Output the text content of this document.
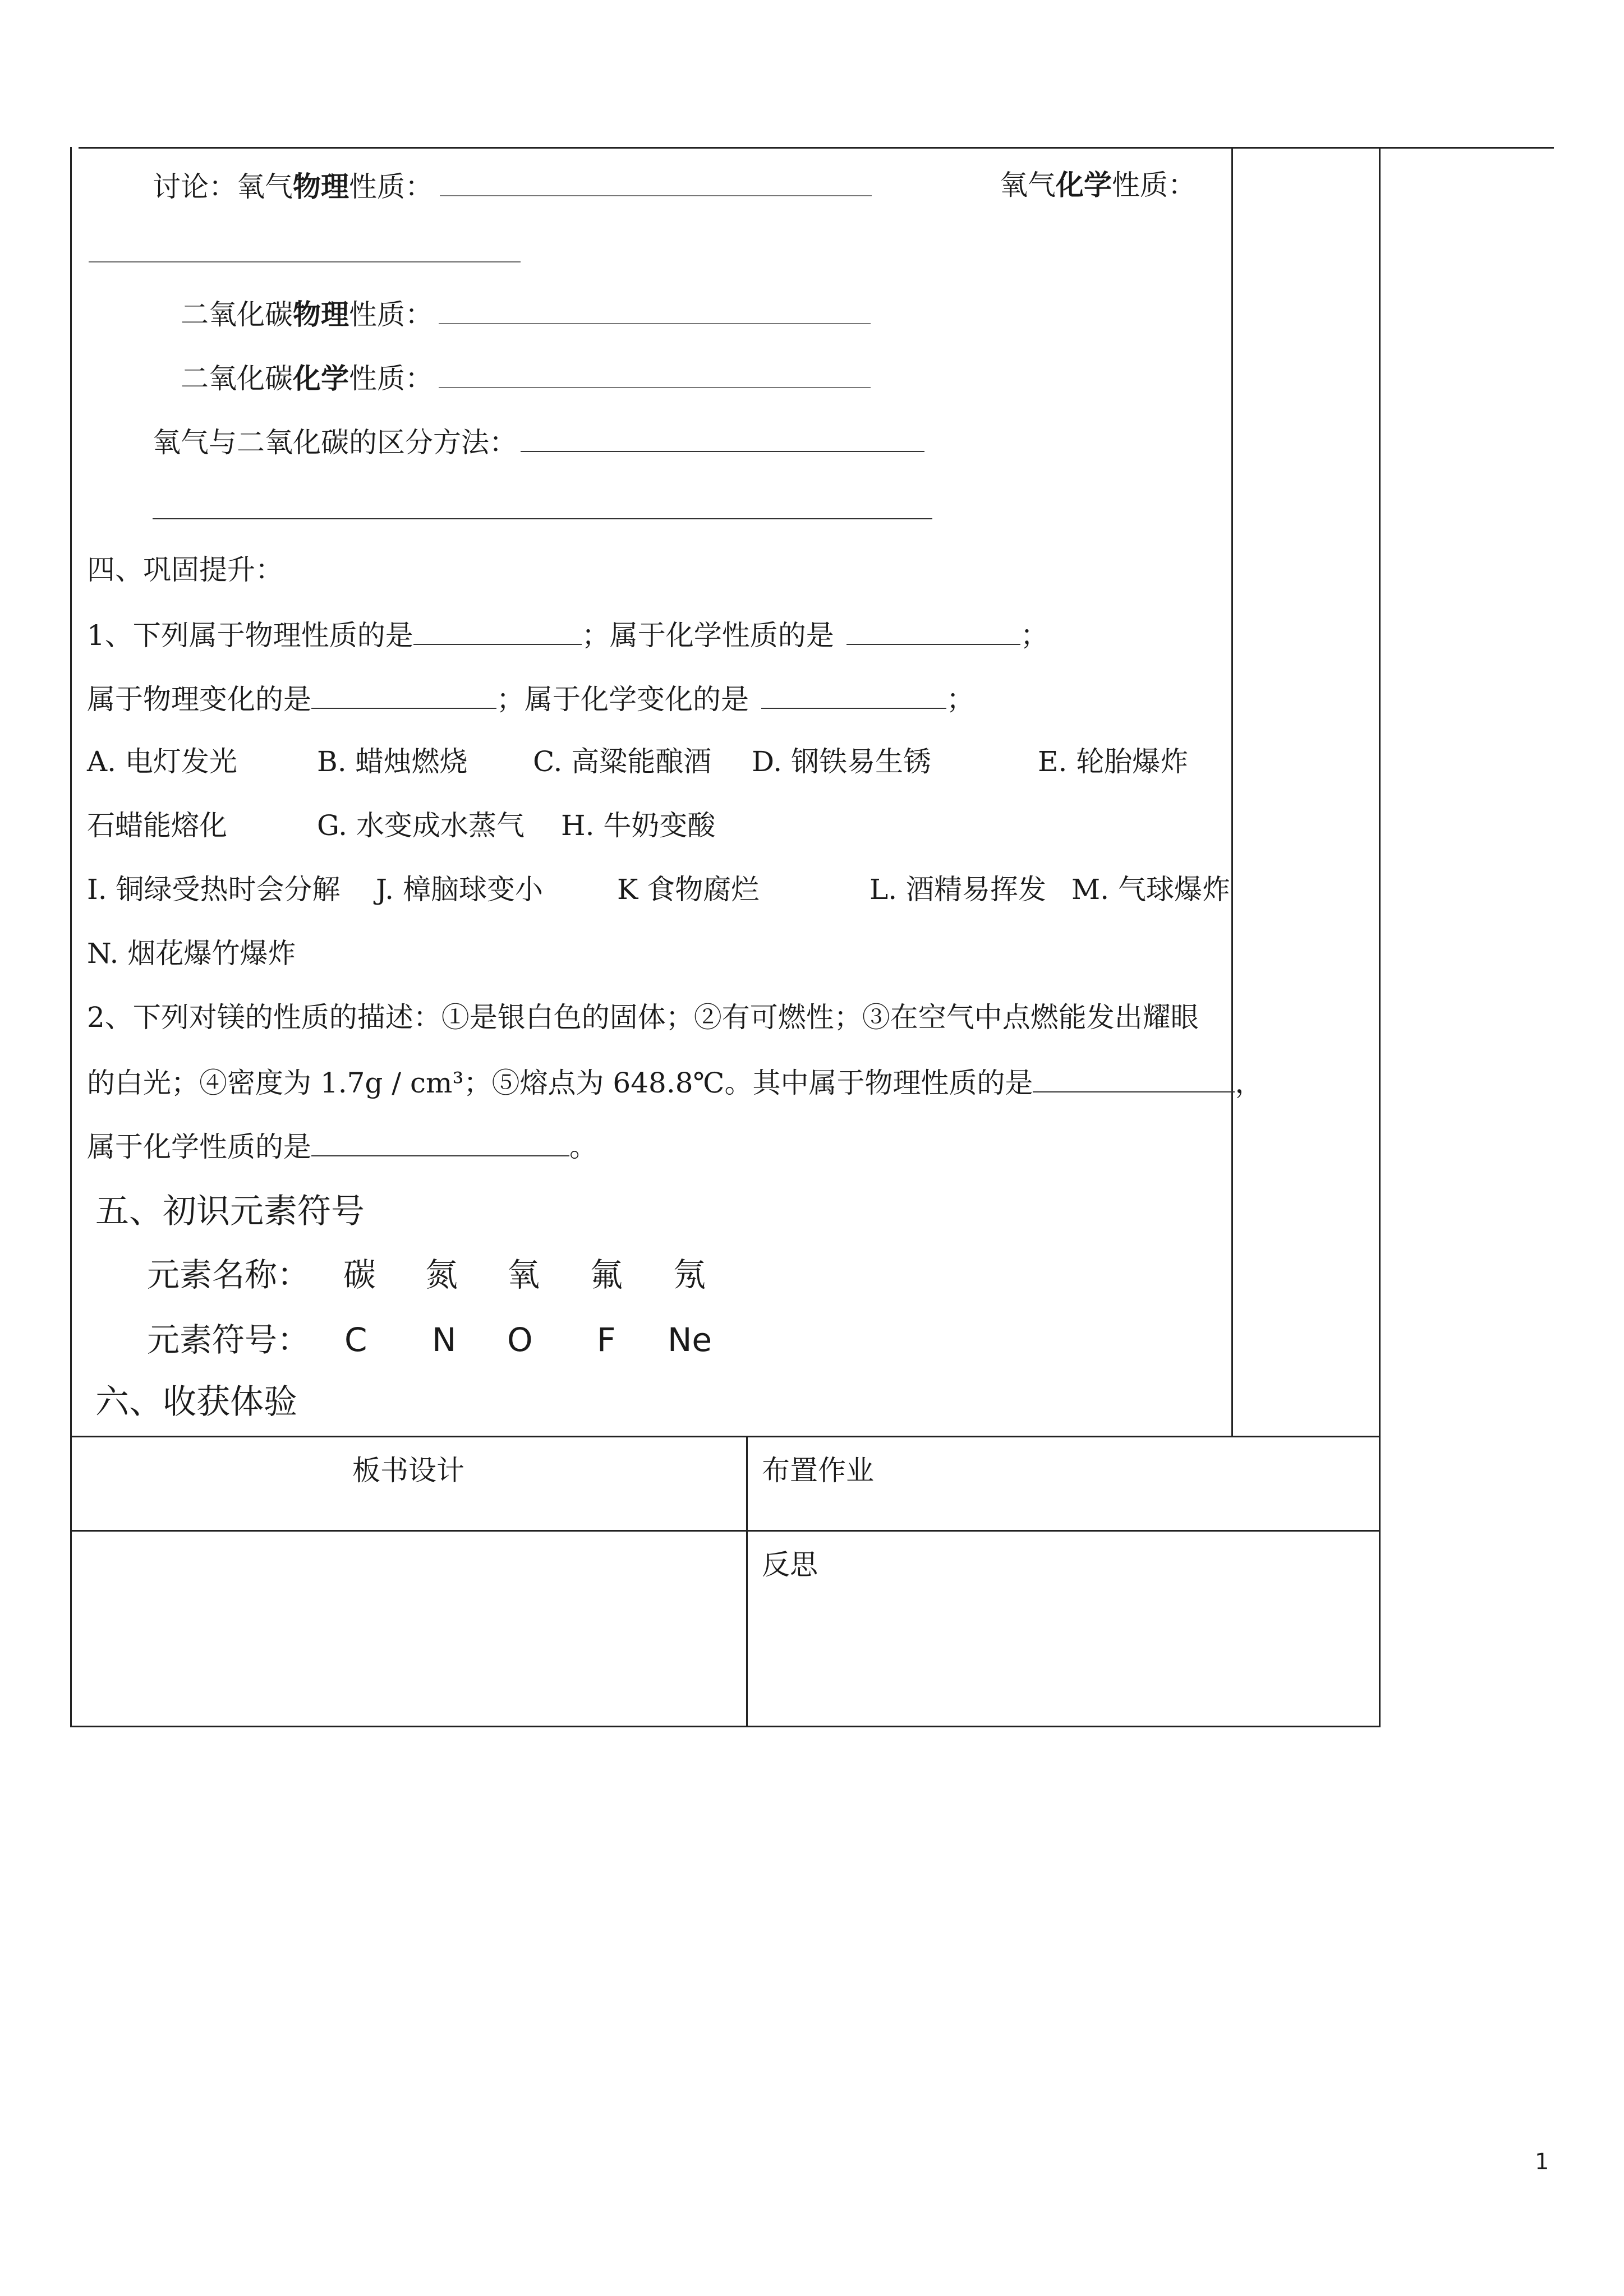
讨论：氧气物理性质：	氧气化学性质：
二氧化碳物理性质：
二氧化碳化学性质：
氧气与二氧化碳的区分方法：
四、巩固提升：
1、下列属于物理性质的是	；属于化学性质的是	；
属于物理变化的是	；属于化学变化的是	；
A. 电灯发光	B. 蜡烛燃烧 C. 高粱能酿酒 D. 钢铁易生锈	E. 轮胎爆炸
石蜡能熔化	G. 水变成水蒸气 H. 牛奶变酸
I. 铜绿受热时会分解 J. 樟脑球变小	K 食物腐烂	L. 酒精易挥发 M. 气球爆炸
N. 烟花爆竹爆炸
2、下列对镁的性质的描述：①是银白色的固体；②有可燃性；③在空气中点燃能发出耀眼
的白光；④密度为 1.7g / cm³；⑤熔点为 648.8℃。其中属于物理性质的是	，
属于化学性质的是	。
五、初识元素符号
元素名称： 碳 氮 氧 氟 氖
元素符号： C N O F Ne
六、收获体验
板书设计	布置作业
反思
1
